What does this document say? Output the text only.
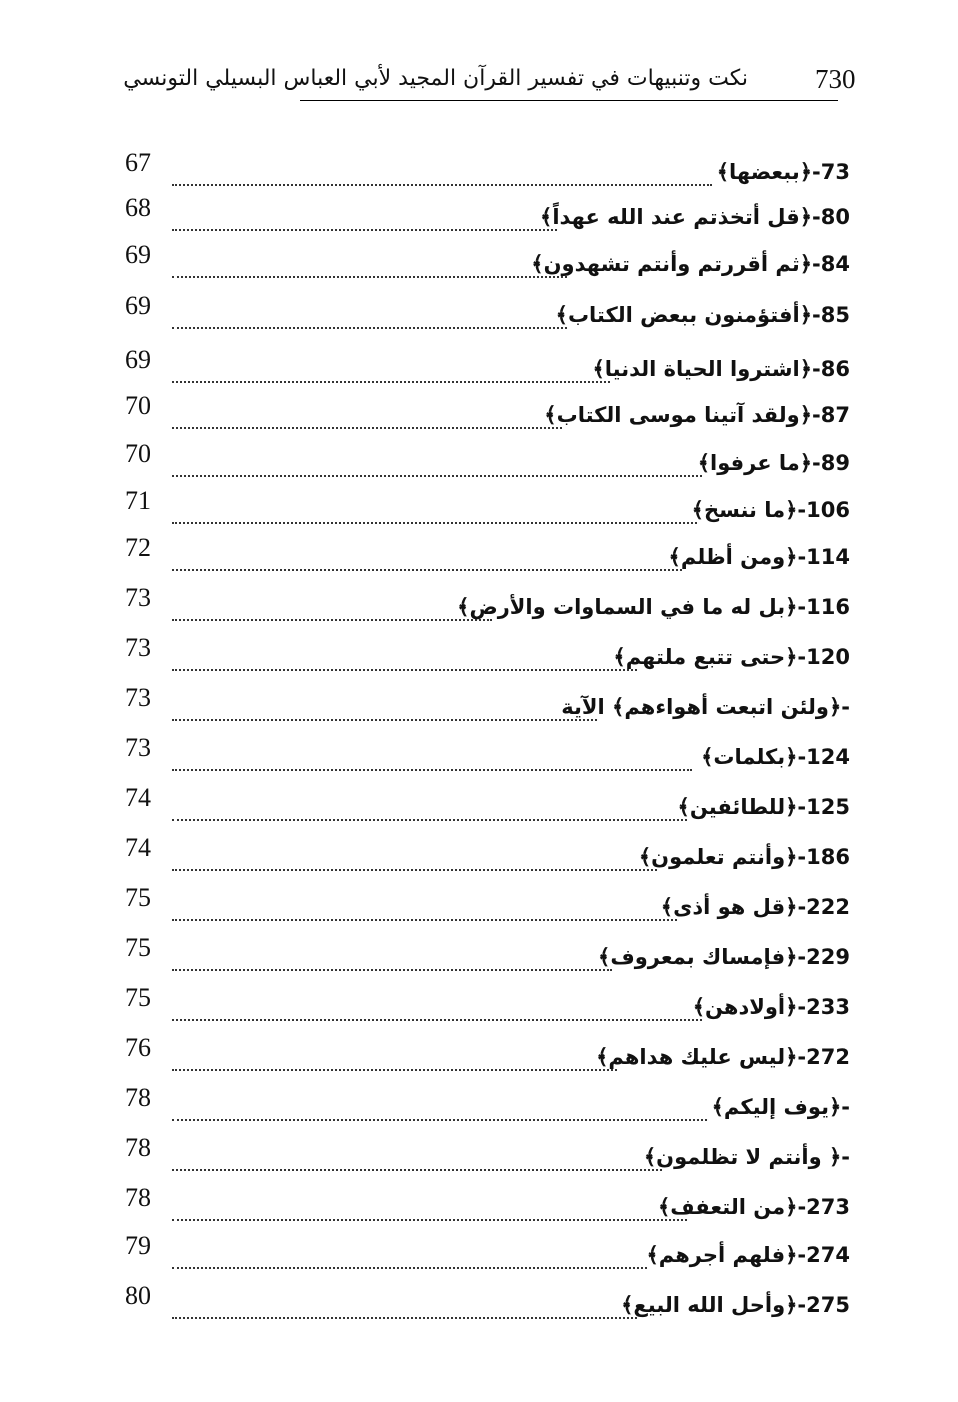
730
نكت وتنبيهات في تفسير القرآن المجيد لأبي العباس البسيلي التونسي
67	73-﴿ببعضها﴾
68	80-﴿قل أتخذتم عند الله عهداً﴾
69	84-﴿ثم أقررتم وأنتم تشهدون﴾
69	85-﴿أفتؤمنون ببعض الكتاب﴾
69	86-﴿اشتروا الحياة الدنيا﴾
70	87-﴿ولقد آتينا موسى الكتاب﴾
70	89-﴿ما عرفوا﴾
71	106-﴿ما ننسخ﴾
72	114-﴿ومن أظلم﴾
73	116-﴿بل له ما في السماوات والأرض﴾
73	120-﴿حتى تتبع ملتهم﴾
73	-﴿ولئن اتبعت أهواءهم﴾ الآية
73	124-﴿بكلمات﴾
74	125-﴿للطائفين﴾
74	186-﴿وأنتم تعلمون﴾
75	222-﴿قل هو أذى﴾
75	229-﴿فإمساك بمعروف﴾
75	233-﴿أولادهن﴾
76	272-﴿ليس عليك هداهم﴾
78	-﴿يوف إليكم﴾
78	-﴿ وأنتم لا تظلمون﴾
78	273-﴿من التعفف﴾
79	274-﴿فلهم أجرهم﴾
80	275-﴿وأحل الله البيع﴾
